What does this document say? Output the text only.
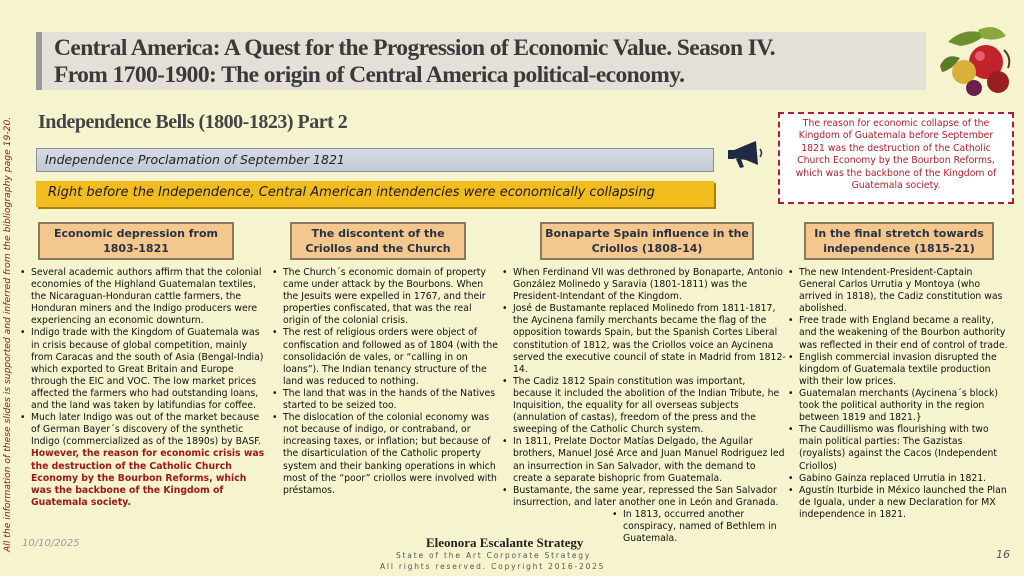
Central America: A Quest for the Progression of Economic Value. Season IV.
From 1700-1900: The origin of Central America political-economy.
Independence Bells (1800-1823) Part 2
Independence Proclamation of September 1821
Right before the Independence, Central American intendencies were economically collapsing
The reason for economic collapse of the Kingdom of Guatemala before September 1821 was the destruction of the Catholic Church Economy by the Bourbon Reforms, which was the backbone of the Kingdom of Guatemala society.
All the information of these slides is supported and inferred from the bibliography page 19-20.	Economic depression from 1803-1821
• Several academic authors affirm that the colonial economies of the Highland Guatemalan textiles, the Nicaraguan-Honduran cattle farmers, the Honduran miners and the Indigo producers were experiencing an economic downturn.
• Indigo trade with the Kingdom of Guatemala was in crisis because of global competition, mainly from Caracas and the south of Asia (Bengal-India) which exported to Great Britain and Europe through the EIC and VOC. The low market prices affected the farmers who had outstanding loans, and the land was taken by latifundias for coffee.
• Much later Indigo was out of the market because of German Bayer´s discovery of the synthetic Indigo (commercialized as of the 1890s) by BASF. However, the reason for economic crisis was the destruction of the Catholic Church Economy by the Bourbon Reforms, which was the backbone of the Kingdom of Guatemala society.
The discontent of the Criollos and the Church
• The Church´s economic domain of property came under attack by the Bourbons. When the Jesuits were expelled in 1767, and their properties confiscated, that was the real origin of the colonial crisis.
• The rest of religious orders were object of confiscation and followed as of 1804 (with the consolidación de vales, or “calling in on loans”). The Indian tenancy structure of the land was reduced to nothing.
• The land that was in the hands of the Natives started to be seized too.
• The dislocation of the colonial economy was not because of indigo, or contraband, or increasing taxes, or inflation; but because of the disarticulation of the Catholic property system and their banking operations in which most of the “poor” criollos were involved with préstamos.
Bonaparte Spain influence in the Criollos (1808-14)
• When Ferdinand VII was dethroned by Bonaparte, Antonio González Molinedo y Saravia (1801-1811) was the President-Intendant of the Kingdom.
• José de Bustamante replaced Molinedo from 1811-1817, the Aycinena family merchants became the flag of the opposition towards Spain, but the Spanish Cortes Liberal constitution of 1812, was the Criollos voice an Aycinena served the executive council of state in Madrid from 1812-14.
• The Cadiz 1812 Spain constitution was important, because it included the abolition of the Indian Tribute, he Inquisition, the equality for all overseas subjects (annulation of castas), freedom of the press and the sweeping of the Catholic Church system.
• In 1811, Prelate Doctor Matías Delgado, the Aguilar brothers, Manuel José Arce and Juan Manuel Rodriguez led an insurrection in San Salvador, with the demand to create a separate bishopric from Guatemala.
• Bustamante, the same year, repressed the San Salvador insurrection, and later another one in León and Granada.
• In 1813, occurred another conspiracy, named of Bethlem in Guatemala.
In the final stretch towards independence (1815-21)
• The new Intendent-President-Captain General Carlos Urrutia y Montoya (who arrived in 1818), the Cadiz constitution was abolished.
• Free trade with England became a reality, and the weakening of the Bourbon authority was reflected in their end of control of trade.
• English commercial invasion disrupted the kingdom of Guatemala textile production with their low prices.
• Guatemalan merchants (Aycinena´s block) took the political authority in the region between 1819 and 1821.}
• The Caudillismo was flourishing with two main political parties: The Gazistas (royalists) against the Cacos (Independent Criollos)
• Gabino Gainza replaced Urrutia in 1821.
• Agustín Iturbide in México launched the Plan de Iguala, under a new Declaration for MX independence in 1821.
10/10/2025	Eleonora Escalante Strategy
State of the Art Corporate Strategy
All rights reserved. Copyright 2016-2025
16
